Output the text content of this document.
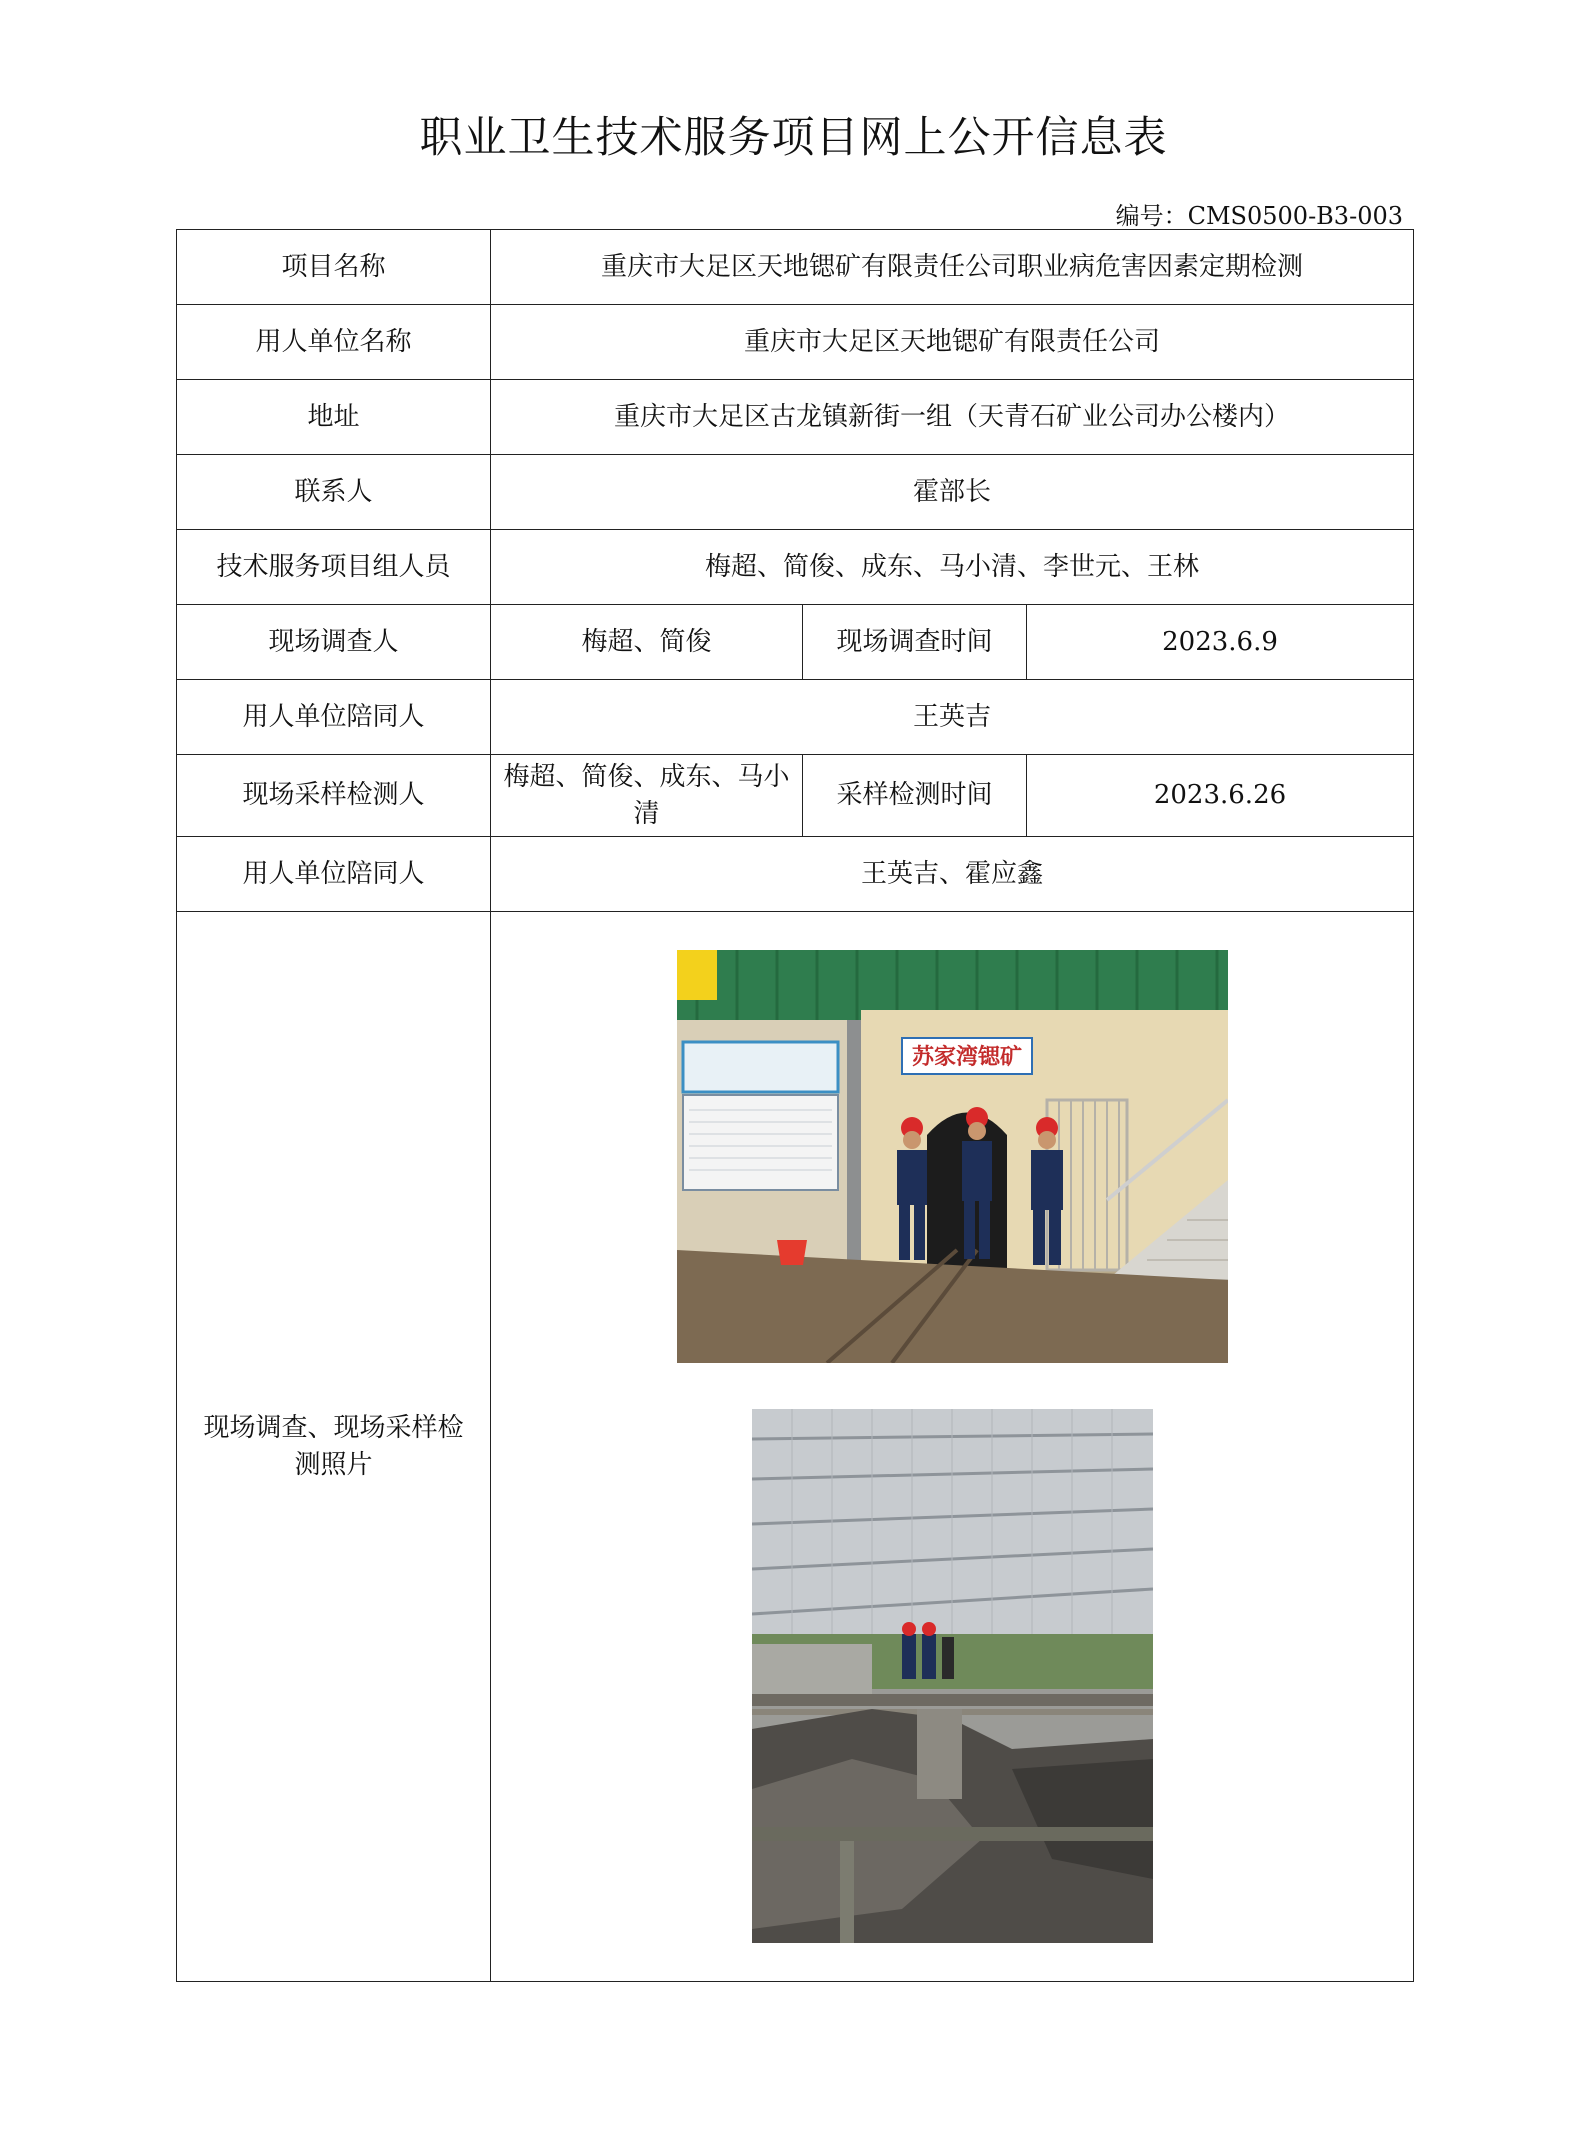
职业卫生技术服务项目网上公开信息表
编号：CMS0500-B3-003
项目名称	重庆市大足区天地锶矿有限责任公司职业病危害因素定期检测		
用人单位名称	重庆市大足区天地锶矿有限责任公司		
地址	重庆市大足区古龙镇新街一组（天青石矿业公司办公楼内）		
联系人	霍部长		
技术服务项目组人员	梅超、简俊、成东、马小清、李世元、王林		
现场调查人	梅超、简俊	现场调查时间	2023.6.9
用人单位陪同人	王英吉		
现场采样检测人	梅超、简俊、成东、马小清	采样检测时间	2023.6.26
用人单位陪同人	王英吉、霍应鑫		
现场调查、现场采样检测照片	苏家湾锶矿		
